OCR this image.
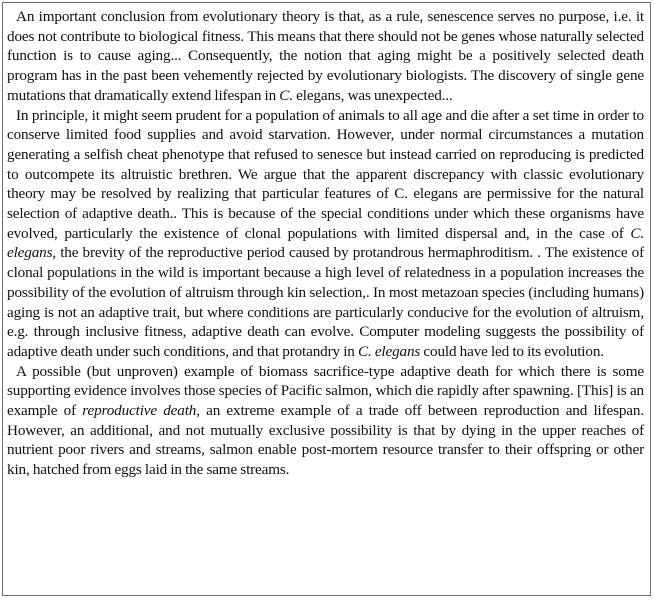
An important conclusion from evolutionary theory is that, as a rule, senescence serves no purpose, i.e. it does not contribute to biological fitness. This means that there should not be genes whose naturally selected function is to cause aging... Consequently, the notion that aging might be a positively selected death program has in the past been vehemently rejected by evolutionary biologists. The discovery of single gene mutations that dramatically extend lifespan in C. elegans, was unexpected...

In principle, it might seem prudent for a population of animals to all age and die after a set time in order to conserve limited food supplies and avoid starvation. However, under normal circumstances a mutation generating a selfish cheat phenotype that refused to senesce but instead carried on reproducing is predicted to outcompete its altruistic brethren. We argue that the apparent discrepancy with classic evolutionary theory may be resolved by realizing that particular features of C. elegans are permissive for the natural selection of adaptive death.. This is because of the special conditions under which these organisms have evolved, particularly the existence of clonal populations with limited dispersal and, in the case of C. elegans, the brevity of the reproductive period caused by protandrous hermaphroditism. . The existence of clonal populations in the wild is important because a high level of relatedness in a population increases the possibility of the evolution of altruism through kin selection,. In most metazoan species (including humans) aging is not an adaptive trait, but where conditions are particularly conducive for the evolution of altruism, e.g. through inclusive fitness, adaptive death can evolve. Computer modeling suggests the possibility of adaptive death under such conditions, and that protandry in C. elegans could have led to its evolution.

A possible (but unproven) example of biomass sacrifice-type adaptive death for which there is some supporting evidence involves those species of Pacific salmon, which die rapidly after spawning. [This] is an example of reproductive death, an extreme example of a trade off between reproduction and lifespan. However, an additional, and not mutually exclusive possibility is that by dying in the upper reaches of nutrient poor rivers and streams, salmon enable post-mortem resource transfer to their offspring or other kin, hatched from eggs laid in the same streams.
